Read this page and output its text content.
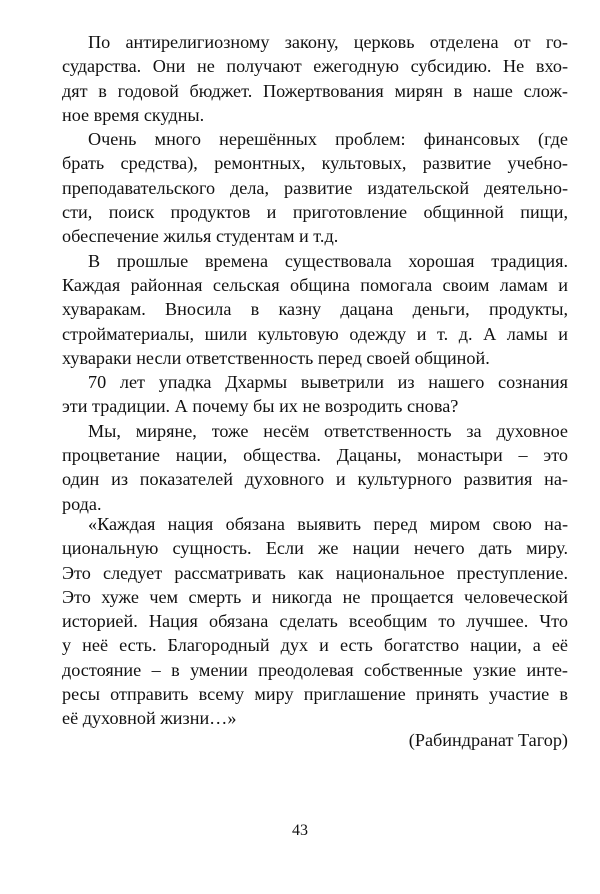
По антирелигиозному закону, церковь отделена от го-
сударства. Они не получают ежегодную субсидию. Не вхо-
дят в годовой бюджет. Пожертвования мирян в наше слож-
ное время скудны.
Очень много нерешённых проблем: финансовых (где
брать средства), ремонтных, культовых, развитие учебно-
преподавательского дела, развитие издательской деятельно-
сти, поиск продуктов и приготовление общинной пищи,
обеспечение жилья студентам и т.д.
В прошлые времена существовала хорошая традиция.
Каждая районная сельская община помогала своим ламам и
хуваракам. Вносила в казну дацана деньги, продукты,
стройматериалы, шили культовую одежду и т. д. А ламы и
хувараки несли ответственность перед своей общиной.
70 лет упадка Дхармы выветрили из нашего сознания
эти традиции. А почему бы их не возродить снова?
Мы, миряне, тоже несём ответственность за духовное
процветание нации, общества. Дацаны, монастыри – это
один из показателей духовного и культурного развития на-
рода.
«Каждая нация обязана выявить перед миром свою на-
циональную сущность. Если же нации нечего дать миру.
Это следует рассматривать как национальное преступление.
Это хуже чем смерть и никогда не прощается человеческой
историей. Нация обязана сделать всеобщим то лучшее. Что
у неё есть. Благородный дух и есть богатство нации, а её
достояние – в умении преодолевая собственные узкие инте-
ресы отправить всему миру приглашение принять участие в
её духовной жизни…»
(Рабиндранат Тагор)
43
